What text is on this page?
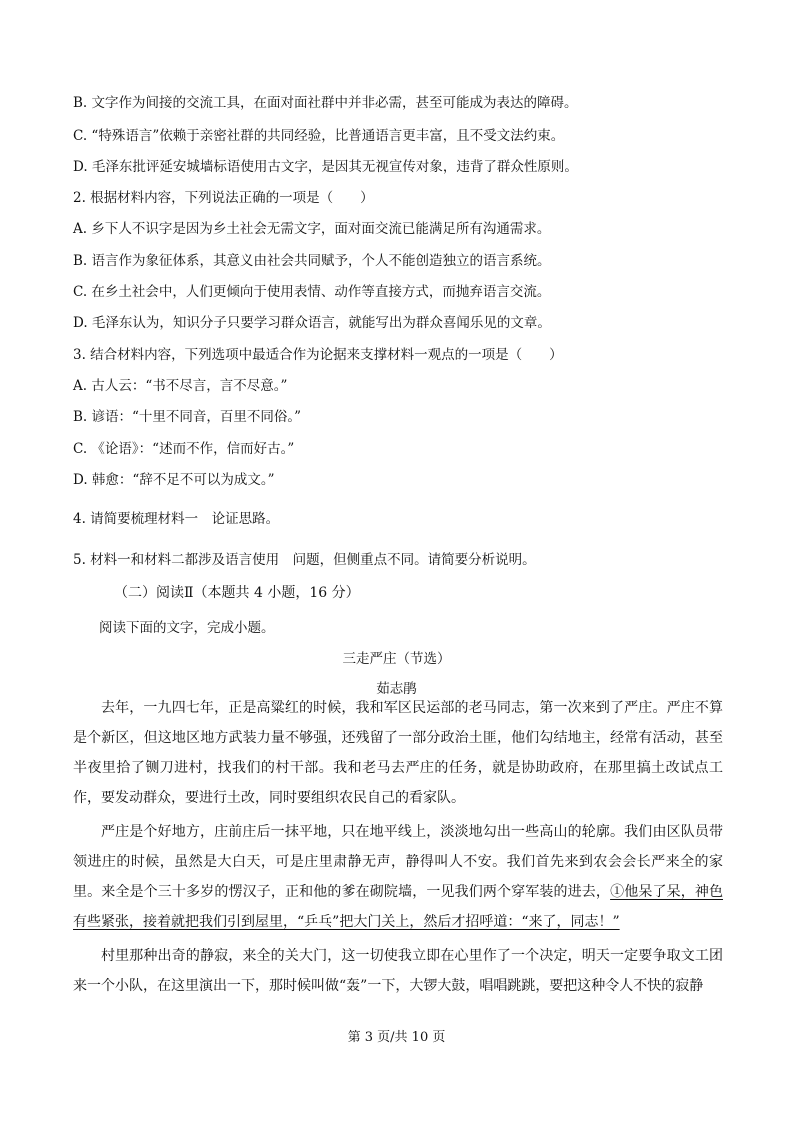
B. 文字作为间接的交流工具，在面对面社群中并非必需，甚至可能成为表达的障碍。
C. “特殊语言”依赖于亲密社群的共同经验，比普通语言更丰富，且不受文法约束。
D. 毛泽东批评延安城墙标语使用古文字，是因其无视宣传对象，违背了群众性原则。
2. 根据材料内容，下列说法正确的一项是（　　）
A. 乡下人不识字是因为乡土社会无需文字，面对面交流已能满足所有沟通需求。
B. 语言作为象征体系，其意义由社会共同赋予，个人不能创造独立的语言系统。
C. 在乡土社会中，人们更倾向于使用表情、动作等直接方式，而抛弃语言交流。
D. 毛泽东认为，知识分子只要学习群众语言，就能写出为群众喜闻乐见的文章。
3. 结合材料内容，下列选项中最适合作为论据来支撑材料一观点的一项是（　　）
A. 古人云：“书不尽言，言不尽意。”
B. 谚语：“十里不同音，百里不同俗。”
C. 《论语》：“述而不作，信而好古。”
D. 韩愈：“辞不足不可以为成文。”
4. 请简要梳理材料一　论证思路。
5. 材料一和材料二都涉及语言使用　问题，但侧重点不同。请简要分析说明。
（二）阅读Ⅱ（本题共 4 小题，16 分）
阅读下面的文字，完成小题。
三走严庄（节选）
茹志鹃

去年，一九四七年，正是高粱红的时候，我和军区民运部的老马同志，第一次来到了严庄。严庄不算是个新区，但这地区地方武装力量不够强，还残留了一部分政治土匪，他们勾结地主，经常有活动，甚至半夜里拾了铡刀进村，找我们的村干部。我和老马去严庄的任务，就是协助政府，在那里搞土改试点工作，要发动群众，要进行土改，同时要组织农民自己的看家队。

严庄是个好地方，庄前庄后一抹平地，只在地平线上，淡淡地勾出一些高山的轮廓。我们由区队员带领进庄的时候，虽然是大白天，可是庄里肃静无声，静得叫人不安。我们首先来到农会会长严来全的家里。来全是个三十多岁的愣汉子，正和他的爹在砌院墙，一见我们两个穿军装的进去，①他呆了呆，神色有些紧张，接着就把我们引到屋里，“乒乓”把大门关上，然后才招呼道：“来了，同志！”

村里那种出奇的静寂，来全的关大门，这一切使我立即在心里作了一个决定，明天一定要争取文工团来一个小队，在这里演出一下，那时候叫做“轰”一下，大锣大鼓，唱唱跳跳，要把这种令人不快的寂静

第 3 页/共 10 页
